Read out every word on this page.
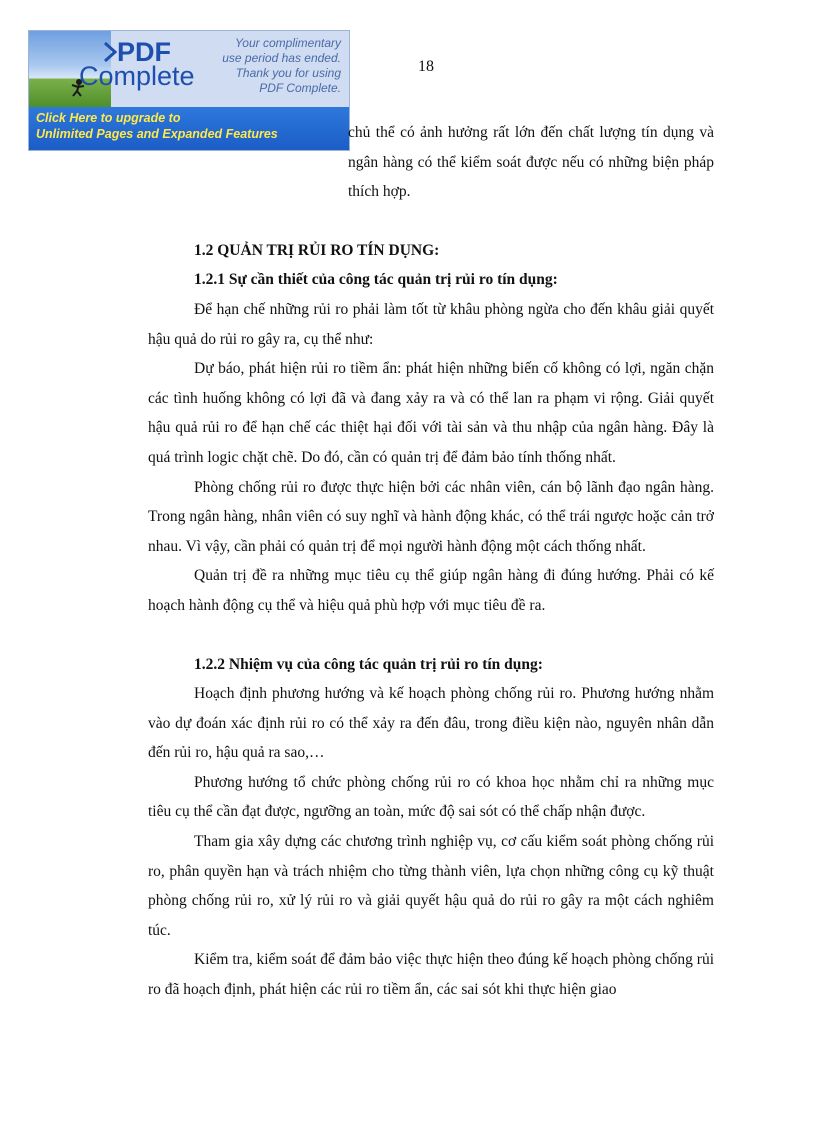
18
PDF
Complete
Your complimentary
use period has ended.
Thank you for using
PDF Complete.
Click Here to upgrade to
Unlimited Pages and Expanded Features	chủ thể có ảnh hưởng rất lớn đến chất lượng tín dụng và ngân hàng có thể kiểm soát được nếu có những biện pháp thích hợp.

1.2 QUẢN TRỊ RỦI RO TÍN DỤNG:

1.2.1 Sự cần thiết của công tác quản trị rủi ro tín dụng:

Để hạn chế những rủi ro phải làm tốt từ khâu phòng ngừa cho đến khâu giải quyết hậu quả do rủi ro gây ra, cụ thể như:

Dự báo, phát hiện rủi ro tiềm ẩn: phát hiện những biến cố không có lợi, ngăn chặn các tình huống không có lợi đã và đang xảy ra và có thể lan ra phạm vi rộng. Giải quyết hậu quả rủi ro để hạn chế các thiệt hại đối với tài sản và thu nhập của ngân hàng. Đây là quá trình logic chặt chẽ. Do đó, cần có quản trị để đảm bảo tính thống nhất.

Phòng chống rủi ro được thực hiện bởi các nhân viên, cán bộ lãnh đạo ngân hàng. Trong ngân hàng, nhân viên có suy nghĩ và hành động khác, có thể trái ngược hoặc cản trở nhau. Vì vậy, cần phải có quản trị để mọi người hành động một cách thống nhất.

Quản trị đề ra những mục tiêu cụ thể giúp ngân hàng đi đúng hướng. Phải có kế hoạch hành động cụ thể và hiệu quả phù hợp với mục tiêu đề ra.

1.2.2 Nhiệm vụ của công tác quản trị rủi ro tín dụng:

Hoạch định phương hướng và kế hoạch phòng chống rủi ro. Phương hướng nhằm vào dự đoán xác định rủi ro có thể xảy ra đến đâu, trong điều kiện nào, nguyên nhân dẫn đến rủi ro, hậu quả ra sao,…

Phương hướng tổ chức phòng chống rủi ro có khoa học nhằm chỉ ra những mục tiêu cụ thể cần đạt được, ngưỡng an toàn, mức độ sai sót có thể chấp nhận được.

Tham gia xây dựng các chương trình nghiệp vụ, cơ cấu kiểm soát phòng chống rủi ro, phân quyền hạn và trách nhiệm cho từng thành viên, lựa chọn những công cụ kỹ thuật phòng chống rủi ro, xử lý rủi ro và giải quyết hậu quả do rủi ro gây ra một cách nghiêm túc.

Kiểm tra, kiểm soát để đảm bảo việc thực hiện theo đúng kế hoạch phòng chống rủi ro đã hoạch định, phát hiện các rủi ro tiềm ẩn, các sai sót khi thực hiện giao
